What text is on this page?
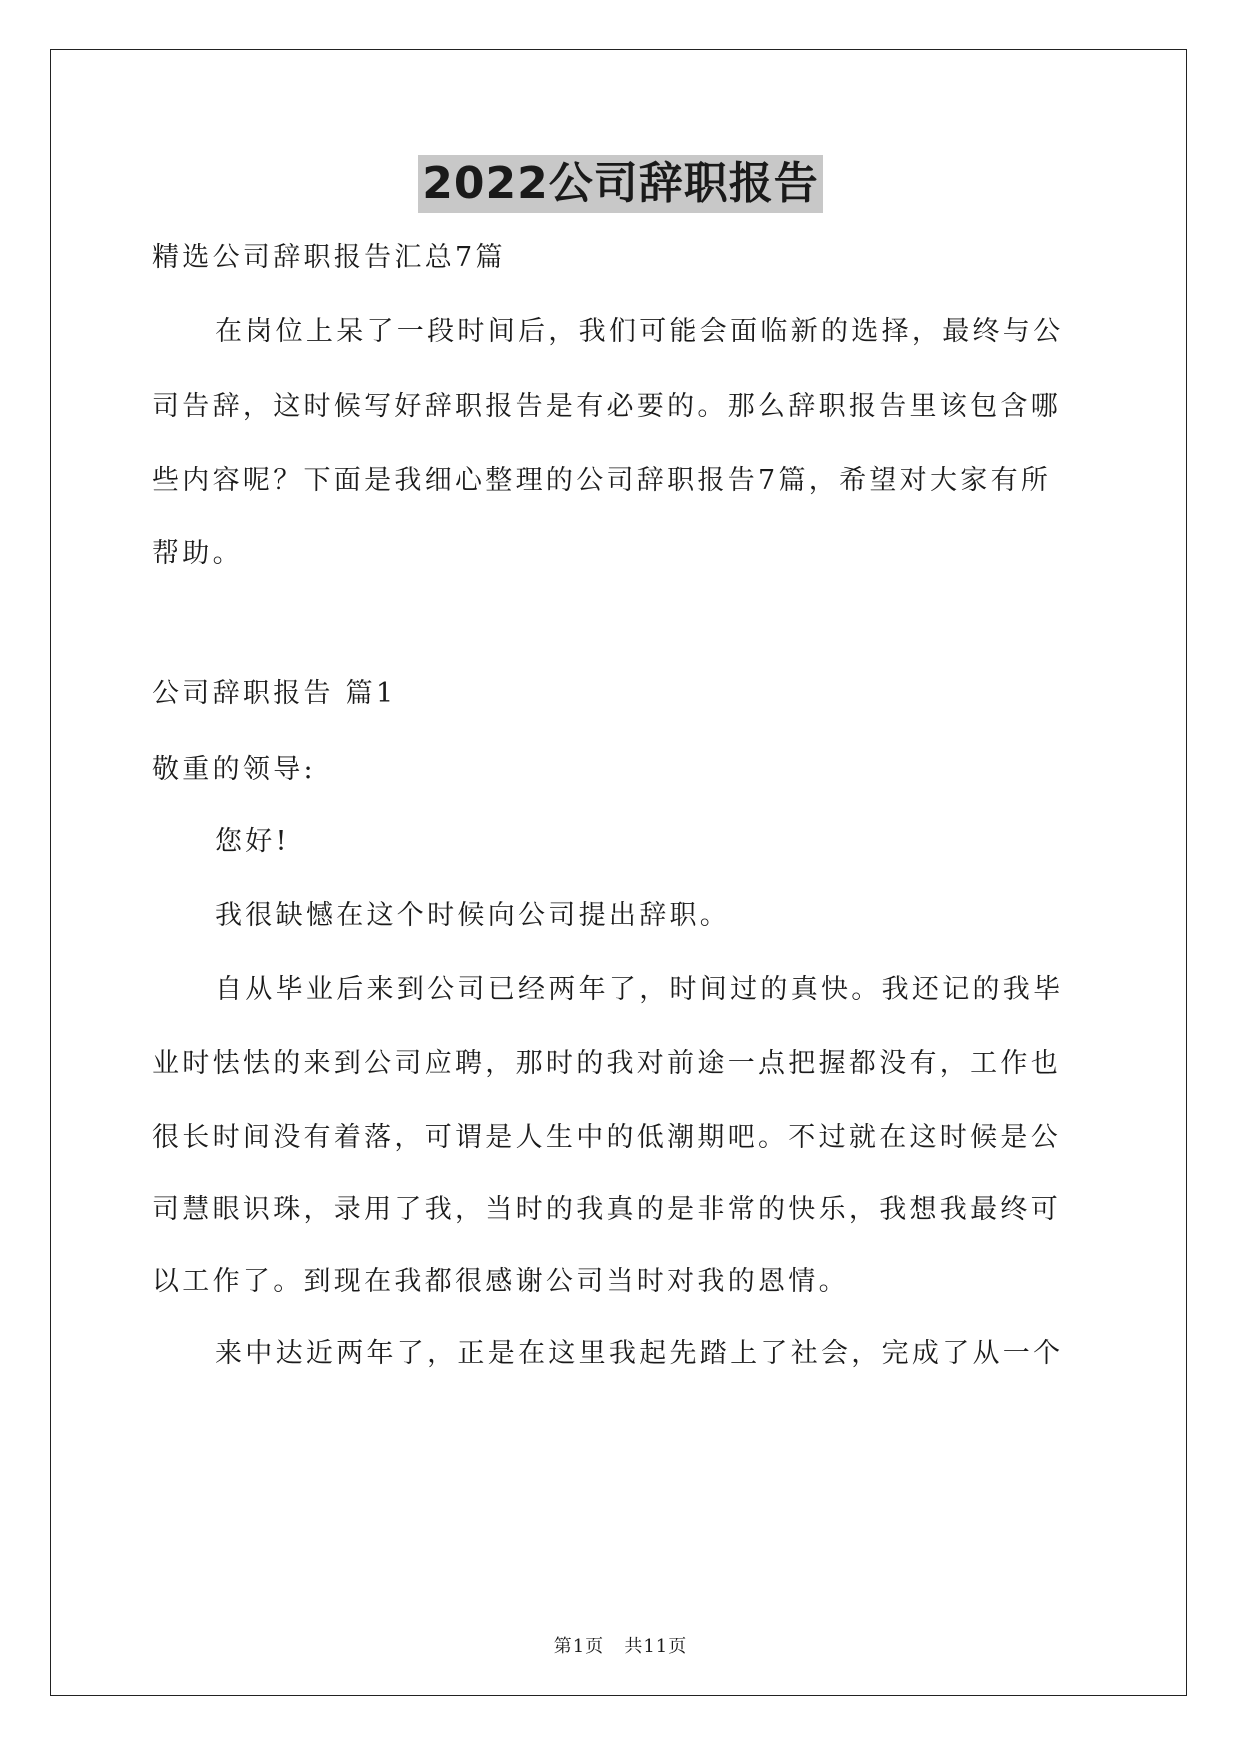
2022公司辞职报告

精选公司辞职报告汇总7篇

在岗位上呆了一段时间后，我们可能会面临新的选择，最终与公

司告辞，这时候写好辞职报告是有必要的。那么辞职报告里该包含哪

些内容呢？下面是我细心整理的公司辞职报告7篇，希望对大家有所

帮助。

公司辞职报告 篇1

敬重的领导:

您好!

我很缺憾在这个时候向公司提出辞职。

自从毕业后来到公司已经两年了，时间过的真快。我还记的我毕

业时怯怯的来到公司应聘，那时的我对前途一点把握都没有，工作也

很长时间没有着落，可谓是人生中的低潮期吧。不过就在这时候是公

司慧眼识珠，录用了我，当时的我真的是非常的快乐，我想我最终可

以工作了。到现在我都很感谢公司当时对我的恩情。

来中达近两年了，正是在这里我起先踏上了社会，完成了从一个

第1页   共11页
